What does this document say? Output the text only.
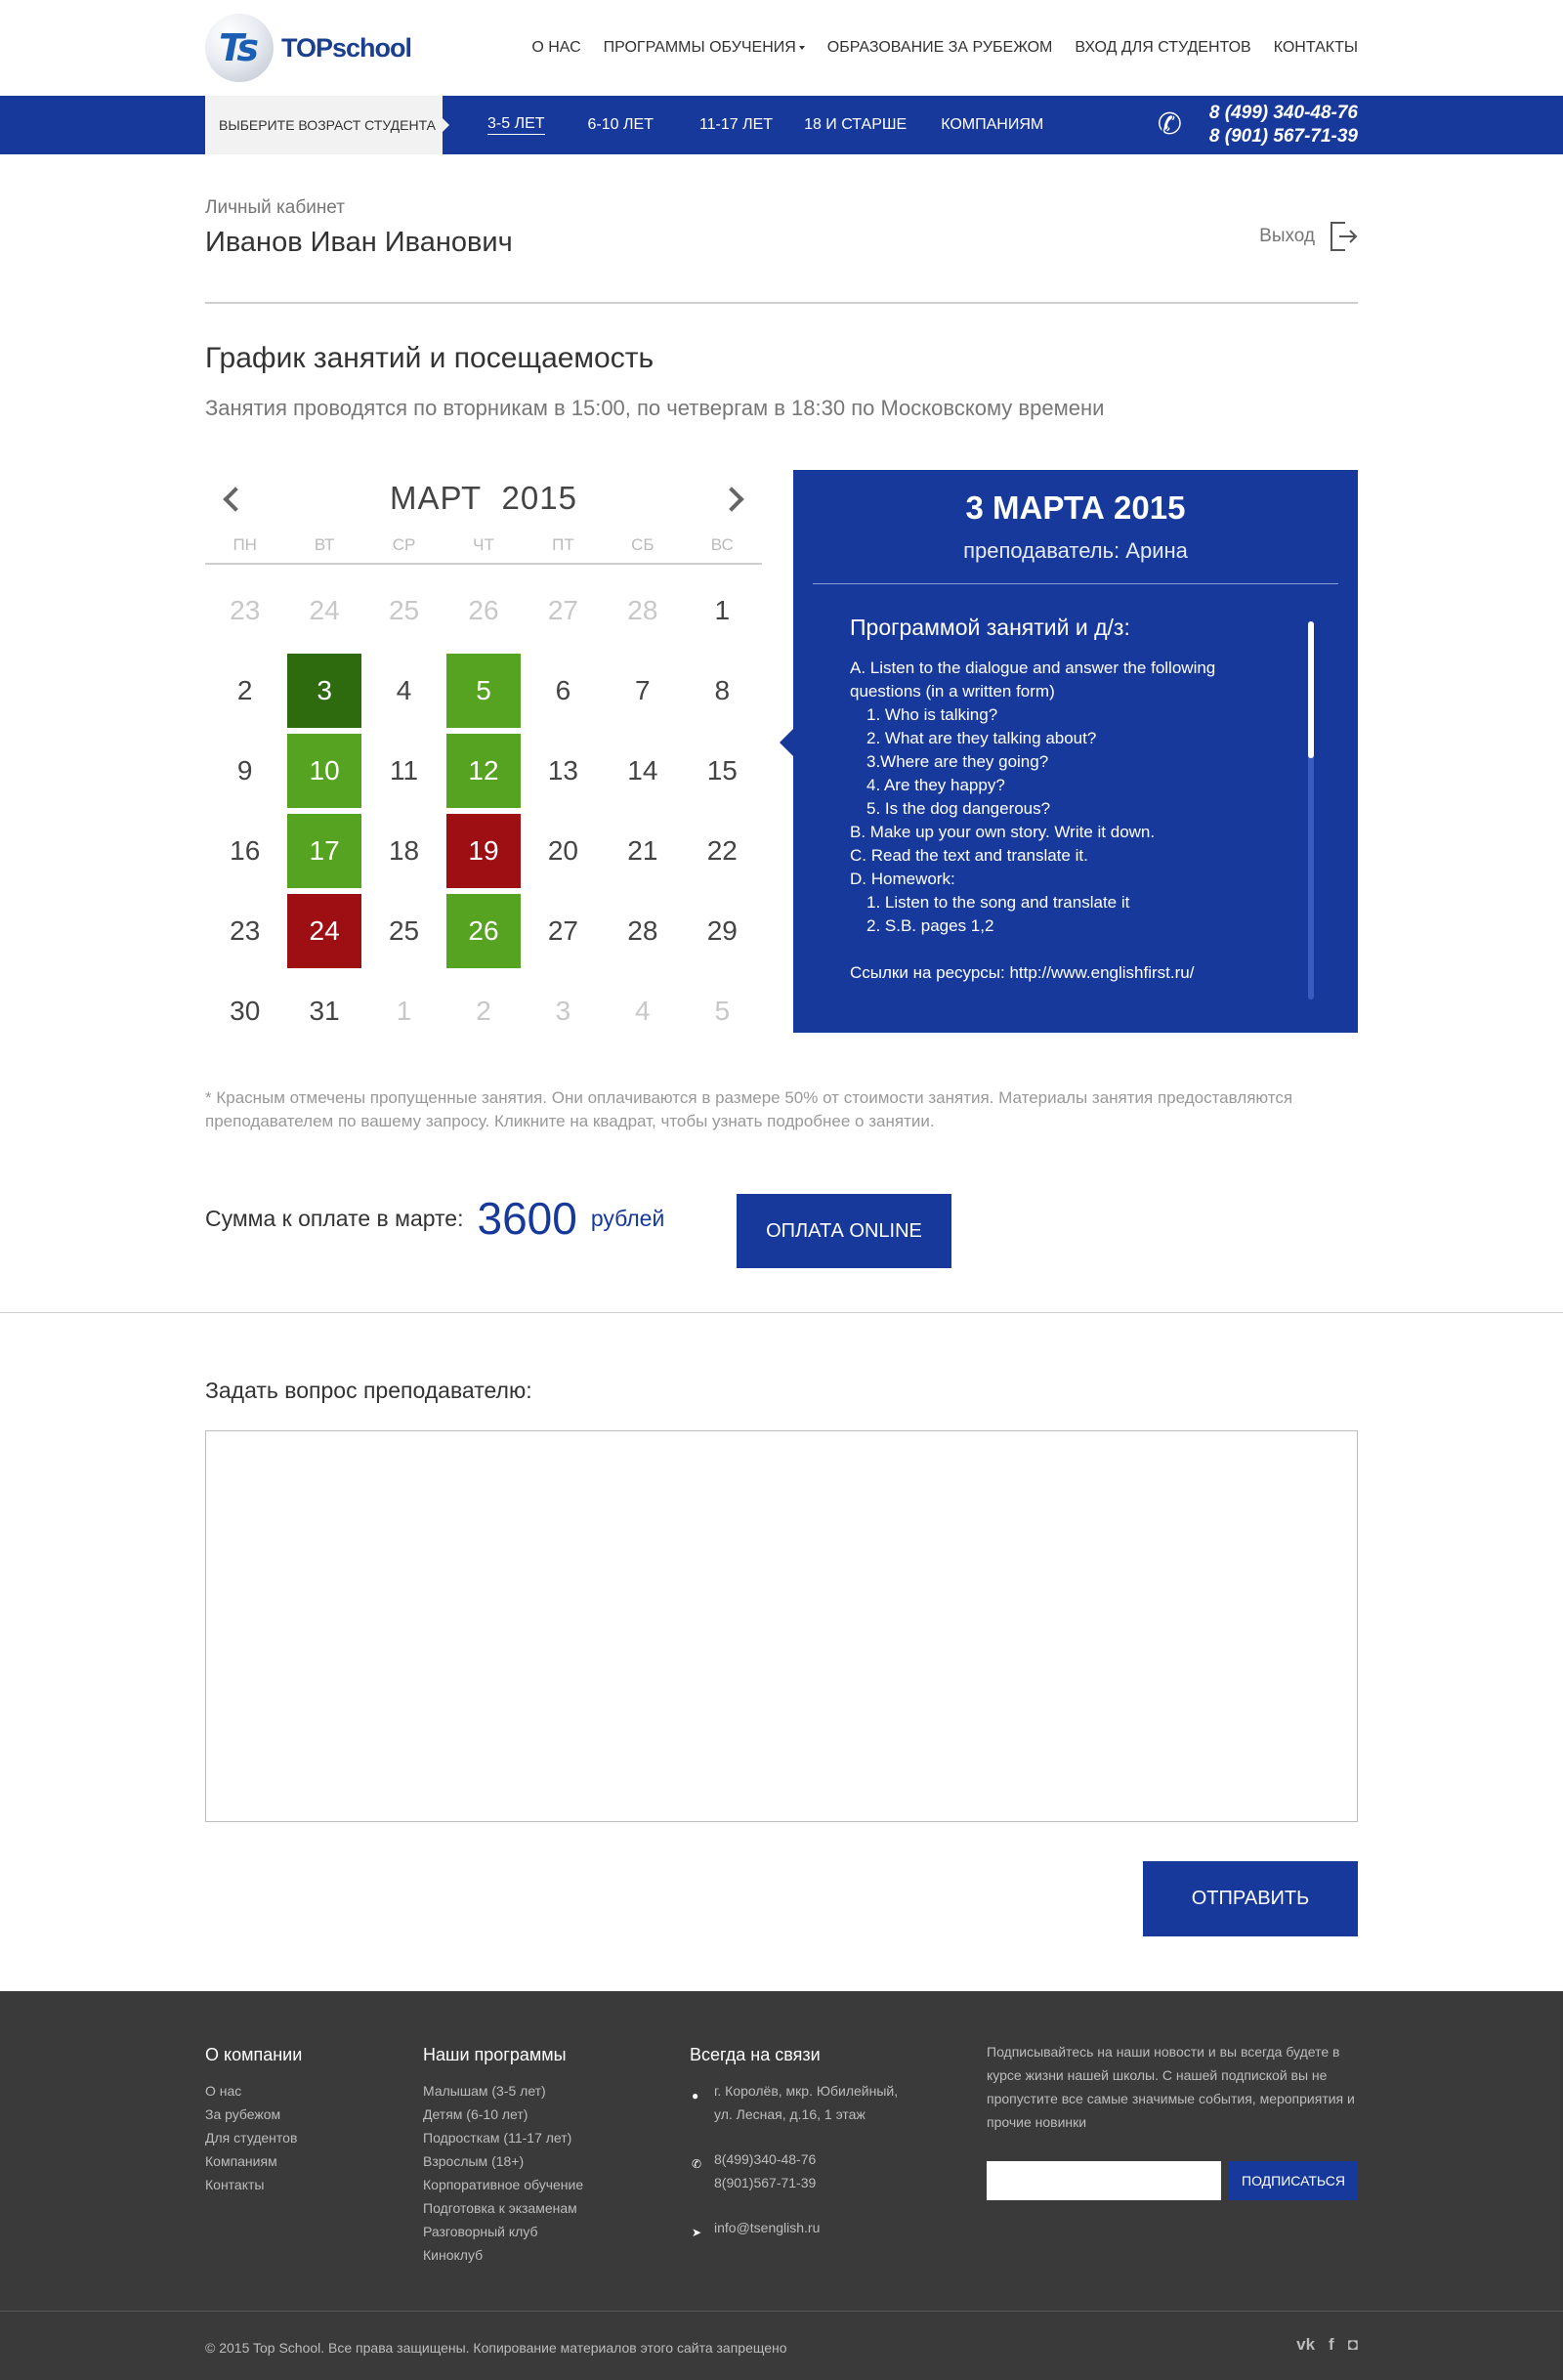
Ts TOPschool	О НАС ПРОГРАММЫ ОБУЧЕНИЯ	ОБРАЗОВАНИЕ ЗА РУБЕЖОМ ВХОД ДЛЯ СТУДЕНТОВ КОНТАКТЫ
ВЫБЕРИТЕ ВОЗРАСТ СТУДЕНТА	3-5 ЛЕТ	6-10 ЛЕТ	11-17 ЛЕТ 18 И СТАРШЕ КОМПАНИЯМ
8 (499) 340-48-76
8 (901) 567-71-39
✆
Личный кабинет
Иванов Иван Иванович	Выход
График занятий и посещаемость
Занятия проводятся по вторникам в 15:00, по четвергам в 18:30 по Московскому времени
МАРТ 2015
ПН	ВТ	СР	ЧТ	ПТ	СБ	ВС
23	24	25	26	27	28	1
2	3	4	5	6	7	8
9	10	11	12	13	14	15
16	17	18	19	20	21	22
23	24	25	26	27	28	29
30	31	1	2	3	4	5
3 МАРТА 2015
преподаватель: Арина
Программой занятий и д/з:
A. Listen to the dialogue and answer the following
questions (in a written form)
1. Who is talking?
2. What are they talking about?
3.Where are they going?
4. Are they happy?
5. Is the dog dangerous?
B. Make up your own story. Write it down.
C. Read the text and translate it.
D. Homework:
1. Listen to the song and translate it
2. S.B. pages 1,2
Ссылки на ресурсы: http://www.englishfirst.ru/
* Красным отмечены пропущенные занятия. Они оплачиваются в размере 50% от стоимости занятия. Материалы занятия предоставляются преподавателем по вашему запросу. Кликните на квадрат, чтобы узнать подробнее о занятии.
Сумма к оплате в марте: 3600 рублей	ОПЛАТА ONLINE
Задать вопрос преподавателю:
ОТПРАВИТЬ
О компании
О нас
За рубежом
Для студентов
Компаниям
Контакты
Наши программы
Малышам (3-5 лет)
Детям (6-10 лет)
Подросткам (11-17 лет)
Взрослым (18+)
Корпоративное обучение
Подготовка к экзаменам
Разговорный клуб
Киноклуб
Всегда на связи
● г. Королёв, мкр. Юбилейный,
ул. Лесная, д.16, 1 этаж
✆ 8(499)340-48-76
8(901)567-71-39
➤ info@tsenglish.ru
Подписывайтесь на наши новости и вы всегда будете в курсе жизни нашей школы. С нашей подпиской вы не пропустите все самые значимые события, мероприятия и прочие новинки
ПОДПИСАТЬСЯ
© 2015 Top School. Все права защищены. Копирование материалов этого сайта запрещено	vk f ◘
